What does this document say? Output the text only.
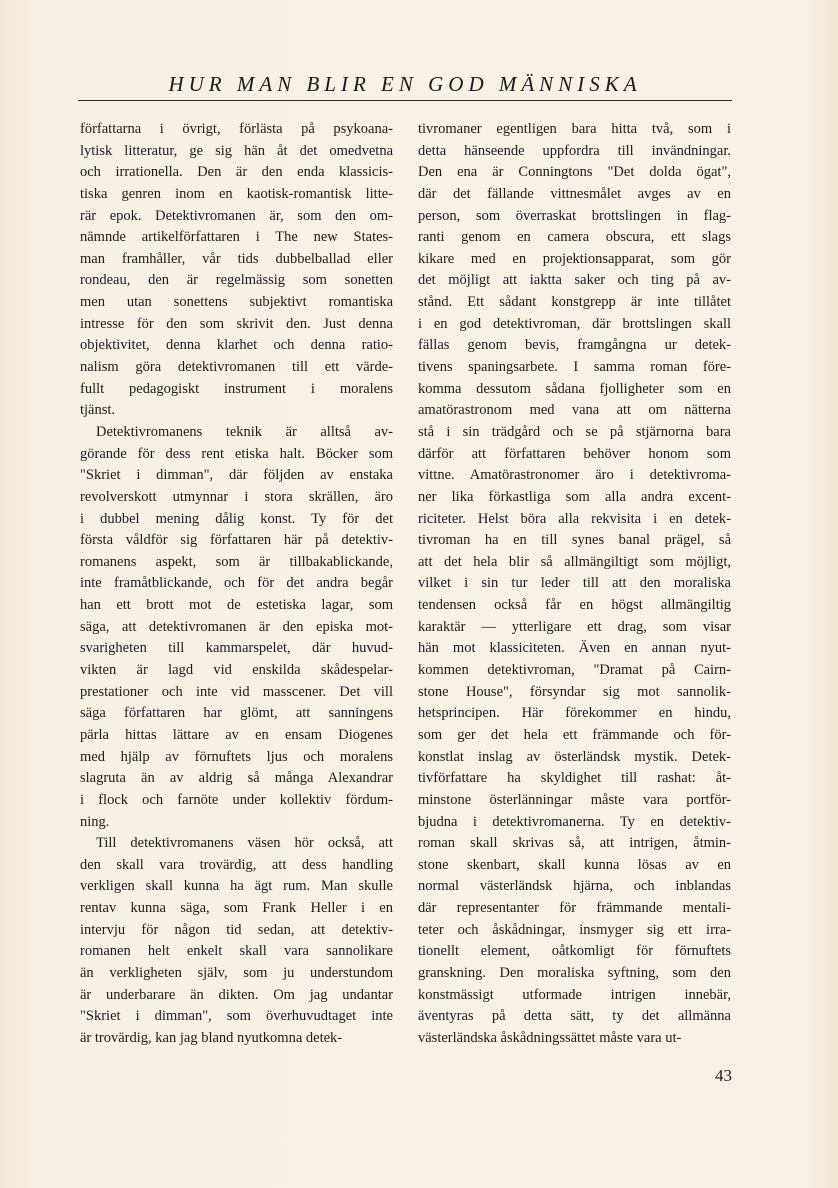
HUR MAN BLIR EN GOD MÄNNISKA
författarna i övrigt, förlästa på psykoana-
lytisk litteratur, ge sig hän åt det omedvetna
och irrationella. Den är den enda klassicis-
tiska genren inom en kaotisk-romantisk litte-
rär epok. Detektivromanen är, som den om-
nämnde artikelförfattaren i The new States-
man framhåller, vår tids dubbelballad eller
rondeau, den är regelmässig som sonetten
men utan sonettens subjektivt romantiska
intresse för den som skrivit den. Just denna
objektivitet, denna klarhet och denna ratio-
nalism göra detektivromanen till ett värde-
fullt pedagogiskt instrument i moralens
tjänst.
Detektivromanens teknik är alltså av-
görande för dess rent etiska halt. Böcker som
"Skriet i dimman", där följden av enstaka
revolverskott utmynnar i stora skrällen, äro
i dubbel mening dålig konst. Ty för det
första våldför sig författaren här på detektiv-
romanens aspekt, som är tillbakablickande,
inte framåtblickande, och för det andra begår
han ett brott mot de estetiska lagar, som
säga, att detektivromanen är den episka mot-
svarigheten till kammarspelet, där huvud-
vikten är lagd vid enskilda skådespelar-
prestationer och inte vid masscener. Det vill
säga författaren har glömt, att sanningens
pärla hittas lättare av en ensam Diogenes
med hjälp av förnuftets ljus och moralens
slagruta än av aldrig så många Alexandrar
i flock och farnöte under kollektiv fördum-
ning.
Till detektivromanens väsen hör också, att
den skall vara trovärdig, att dess handling
verkligen skall kunna ha ägt rum. Man skulle
rentav kunna säga, som Frank Heller i en
intervju för någon tid sedan, att detektiv-
romanen helt enkelt skall vara sannolikare
än verkligheten själv, som ju understundom
är underbarare än dikten. Om jag undantar
"Skriet i dimman", som överhuvudtaget inte
är trovärdig, kan jag bland nyutkomna detek-
tivromaner egentligen bara hitta två, som i
detta hänseende uppfordra till invändningar.
Den ena är Conningtons "Det dolda ögat",
där det fällande vittnesmålet avges av en
person, som överraskat brottslingen in flag-
ranti genom en camera obscura, ett slags
kikare med en projektionsapparat, som gör
det möjligt att iakttа saker och ting på av-
stånd. Ett sådant konstgrepp är inte tillåtet
i en god detektivroman, där brottslingen skall
fällas genom bevis, framgångna ur detek-
tivens spaningsarbete. I samma roman före-
komma dessutom sådana fjolligheter som en
amatörastronom med vana att om nätterna
stå i sin trädgård och se på stjärnorna bara
därför att författaren behöver honom som
vittne. Amatörastronomer äro i detektivroma-
ner lika förkastliga som alla andra excent-
riciteter. Helst böra alla rekvisita i en detek-
tivroman ha en till synes banal prägel, så
att det hela blir så allmängiltigt som möjligt,
vilket i sin tur leder till att den moraliska
tendensen också får en högst allmängiltig
karaktär — ytterligare ett drag, som visar
hän mot klassiciteten. Även en annan nyut-
kommen detektivroman, "Dramat på Cairn-
stone House", försyndar sig mot sannolik-
hetsprincipen. Här förekommer en hindu,
som ger det hela ett främmande och för-
konstlat inslag av österländsk mystik. Detek-
tivförfattare ha skyldighet till rashat: åt-
minstone österlänningar måste vara portför-
bjudna i detektivromanerna. Ty en detektiv-
roman skall skrivas så, att intrigen, åtmin-
stone skenbart, skall kunna lösas av en
normal västerländsk hjärna, och inblandas
där representanter för främmande mentali-
teter och åskådningar, insmyger sig ett irra-
tionellt element, oåtkomligt för förnuftets
granskning. Den moraliska syftning, som den
konstmässigt utformade intrigen innebär,
äventyras på detta sätt, ty det allmänna
västerländska åskådningssättet måste vara ut-
43
